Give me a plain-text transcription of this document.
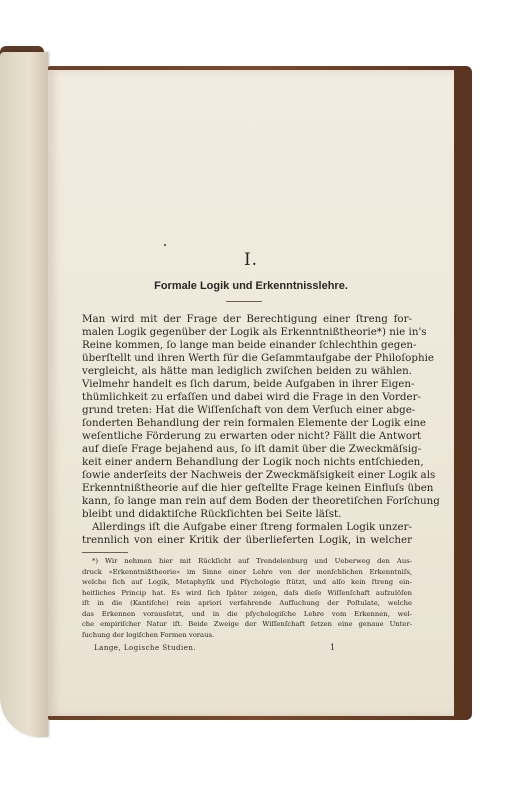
I.
Formale Logik und Erkenntnisslehre.
Man wird mit der Frage der Berechtigung einer ſtreng for-
malen Logik gegenüber der Logik als Erkenntnißtheorie*) nie in's
Reine kommen, ſo lange man beide einander ſchlechthin gegen-
überſtellt und ihren Werth für die Geſammtaufgabe der Philoſophie
vergleicht, als hätte man lediglich zwiſchen beiden zu wählen.
Vielmehr handelt es ſich darum, beide Aufgaben in ihrer Eigen-
thümlichkeit zu erfaſſen und dabei wird die Frage in den Vorder-
grund treten: Hat die Wiſſenſchaft von dem Verſuch einer abge-
ſonderten Behandlung der rein formalen Elemente der Logik eine
weſentliche Förderung zu erwarten oder nicht? Fällt die Antwort
auf dieſe Frage bejahend aus, ſo iſt damit über die Zweckmäſsig-
keit einer andern Behandlung der Logik noch nichts entſchieden,
ſowie anderſeits der Nachweis der Zweckmäſsigkeit einer Logik als
Erkenntnißtheorie auf die hier geſtellte Frage keinen Einfluſs üben
kann, ſo lange man rein auf dem Boden der theoretiſchen Forſchung
bleibt und didaktiſche Rückſichten bei Seite läſst.
Allerdings iſt die Aufgabe einer ſtreng formalen Logik unzer-
trennlich von einer Kritik der überlieferten Logik, in welcher
*) Wir nehmen hier mit Rückſicht auf Trendelenburg und Ueberweg den Aus-
druck »Erkenntnißtheorie« im Sinne einer Lehre von der menſchlichen Erkenntniſs,
welche ſich auf Logik, Metaphyſik und Pſychologie ſtützt, und alſo kein ſtreng ein-
heitliches Princip hat. Es wird ſich ſpäter zeigen, daſs dieſe Wiſſenſchaft aufzulöſen
iſt in die (Kantiſche) rein apriori verfahrende Aufſuchung der Poſtulate, welche
das Erkennen vorausſetzt, und in die pſychologiſche Lehre vom Erkennen, wel-
che empiriſcher Natur iſt. Beide Zweige der Wiſſenſchaft ſetzen eine genaue Unter-
ſuchung der logiſchen Formen voraus.
Lange, Logische Studien.	1
